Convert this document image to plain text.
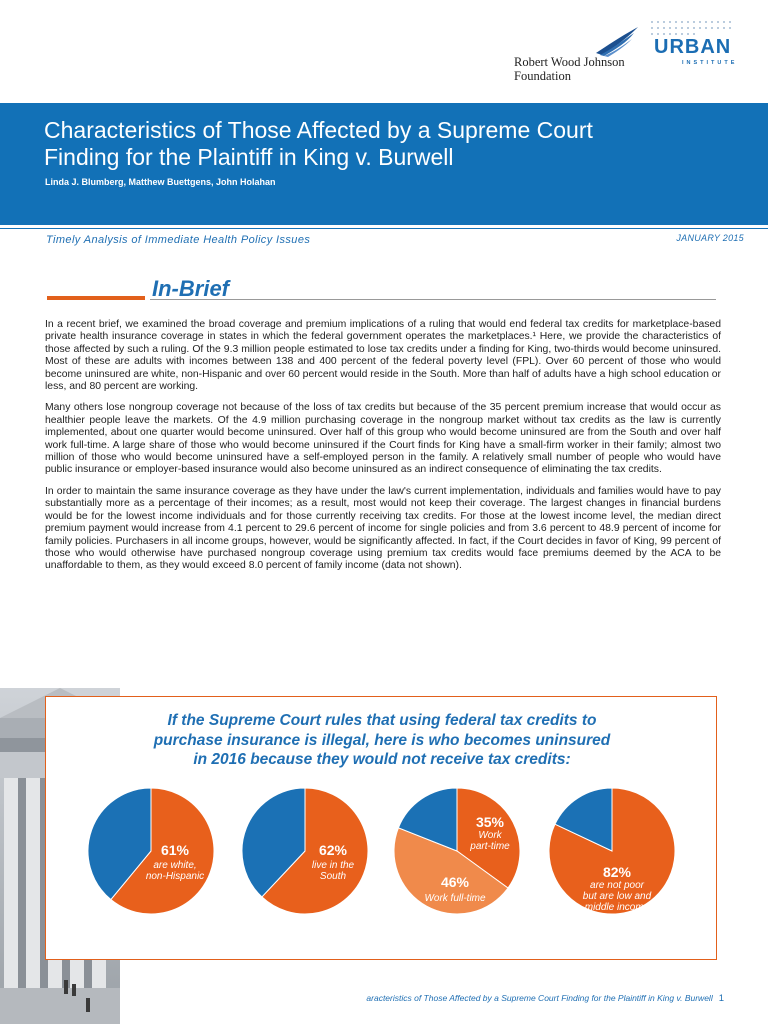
Robert Wood Johnson
Foundation
URBAN
INSTITUTE
Characteristics of Those Affected by a Supreme Court
Finding for the Plaintiff in King v. Burwell
Linda J. Blumberg, Matthew Buettgens, John Holahan
Timely Analysis of Immediate Health Policy Issues	JANUARY 2015
In-Brief

In a recent brief, we examined the broad coverage and premium implications of a ruling that would end federal tax credits for marketplace-based private health insurance coverage in states in which the federal government operates the marketplaces.¹ Here, we provide the characteristics of those affected by such a ruling. Of the 9.3 million people estimated to lose tax credits under a finding for King, two-thirds would become uninsured. Most of these are adults with incomes between 138 and 400 percent of the federal poverty level (FPL). Over 60 percent of those who would become uninsured are white, non-Hispanic and over 60 percent would reside in the South. More than half of adults have a high school education or less, and 80 percent are working.

Many others lose nongroup coverage not because of the loss of tax credits but because of the 35 percent premium increase that would occur as healthier people leave the markets. Of the 4.9 million purchasing coverage in the nongroup market without tax credits as the law is currently implemented, about one quarter would become uninsured. Over half of this group who would become uninsured are from the South and over half work full-time. A large share of those who would become uninsured if the Court finds for King have a small-firm worker in their family; almost two million of those who would become uninsured have a self-employed person in the family. A relatively small number of people who would have public insurance or employer-based insurance would also become uninsured as an indirect consequence of eliminating the tax credits.

In order to maintain the same insurance coverage as they have under the law's current implementation, individuals and families would have to pay substantially more as a percentage of their incomes; as a result, most would not keep their coverage. The largest changes in financial burdens would be for the lowest income individuals and for those currently receiving tax credits. For those at the lowest income level, the median direct premium payment would increase from 4.1 percent to 29.6 percent of income for single policies and from 3.6 percent to 48.9 percent of income for family policies. Purchasers in all income groups, however, would be significantly affected. In fact, if the Court decides in favor of King, 99 percent of those who would otherwise have purchased nongroup coverage using premium tax credits would face premiums deemed by the ACA to be unaffordable to them, as they would exceed 8.0 percent of family income (data not shown).

If the Supreme Court rules that using federal tax credits to
purchase insurance is illegal, here is who becomes uninsured
in 2016 because they would not receive tax credits:
61%
are white,
non-Hispanic
62%
live in the
South
35%
Work
part-time
46%
Work full-time
82%
are not poor
but are low and
middle income
aracteristics of Those Affected by a Supreme Court Finding for the Plaintiff in King v. Burwell 1
